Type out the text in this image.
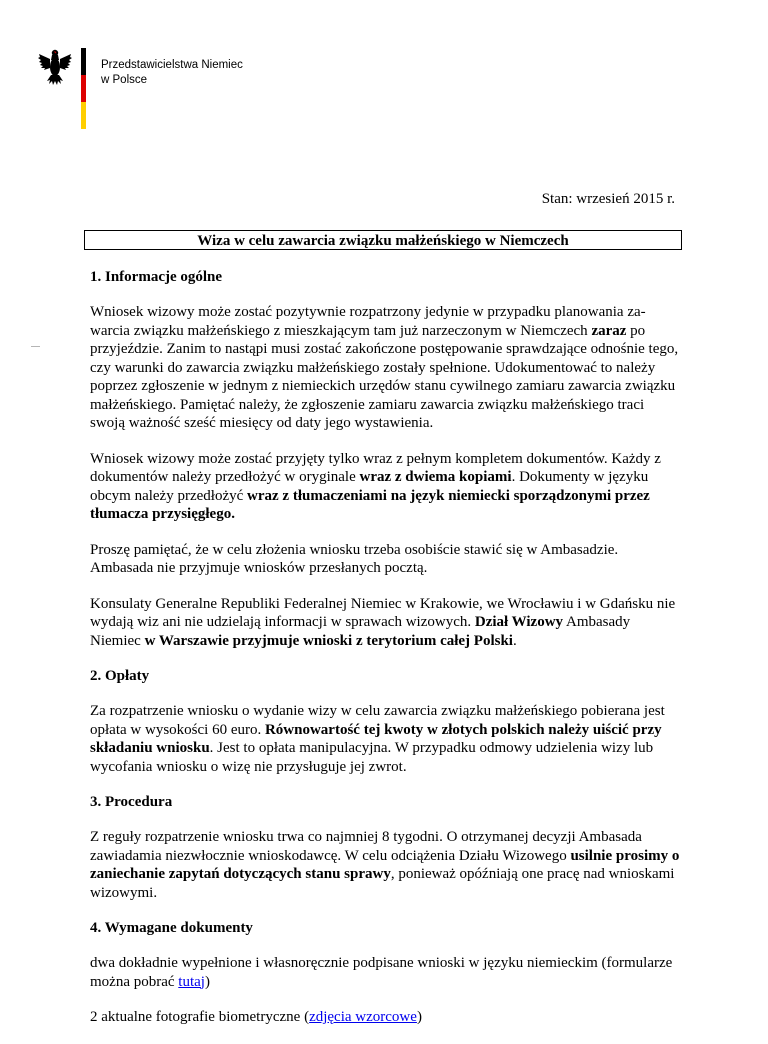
Przedstawicielstwa Niemiec
w Polsce
Stan: wrzesień 2015 r.
Wiza w celu zawarcia związku małżeńskiego w Niemczech
1. Informacje ogólne

Wniosek wizowy może zostać pozytywnie rozpatrzony jedynie w przypadku planowania zawarcia związku małżeńskiego z mieszkającym tam już narzeczonym w Niemczech zaraz po przyjeździe. Zanim to nastąpi musi zostać zakończone postępowanie sprawdzające odnośnie tego, czy warunki do zawarcia związku małżeńskiego zostały spełnione. Udokumentować to należy poprzez zgłoszenie w jednym z niemieckich urzędów stanu cywilnego zamiaru zawarcia związku małżeńskiego. Pamiętać należy, że zgłoszenie zamiaru zawarcia związku małżeńskiego traci swoją ważność sześć miesięcy od daty jego wystawienia.

Wniosek wizowy może zostać przyjęty tylko wraz z pełnym kompletem dokumentów. Każdy z dokumentów należy przedłożyć w oryginale wraz z dwiema kopiami. Dokumenty w języku obcym należy przedłożyć wraz z tłumaczeniami na język niemiecki sporządzonymi przez tłumacza przysięgłego.

Proszę pamiętać, że w celu złożenia wniosku trzeba osobiście stawić się w Ambasadzie. Ambasada nie przyjmuje wniosków przesłanych pocztą.

Konsulaty Generalne Republiki Federalnej Niemiec w Krakowie, we Wrocławiu i w Gdańsku nie wydają wiz ani nie udzielają informacji w sprawach wizowych. Dział Wizowy Ambasady Niemiec w Warszawie przyjmuje wnioski z terytorium całej Polski.

2. Opłaty

Za rozpatrzenie wniosku o wydanie wizy w celu zawarcia związku małżeńskiego pobierana jest opłata w wysokości 60 euro. Równowartość tej kwoty w złotych polskich należy uiścić przy składaniu wniosku. Jest to opłata manipulacyjna. W przypadku odmowy udzielenia wizy lub wycofania wniosku o wizę nie przysługuje jej zwrot.

3. Procedura

Z reguły rozpatrzenie wniosku trwa co najmniej 8 tygodni. O otrzymanej decyzji Ambasada zawiadamia niezwłocznie wnioskodawcę. W celu odciążenia Działu Wizowego usilnie prosimy o zaniechanie zapytań dotyczących stanu sprawy, ponieważ opóźniają one pracę nad wnioskami wizowymi.

4. Wymagane dokumenty

dwa dokładnie wypełnione i własnoręcznie podpisane wnioski w języku niemieckim (formularze można pobrać tutaj)

2 aktualne fotografie biometryczne (zdjęcia wzorcowe)
